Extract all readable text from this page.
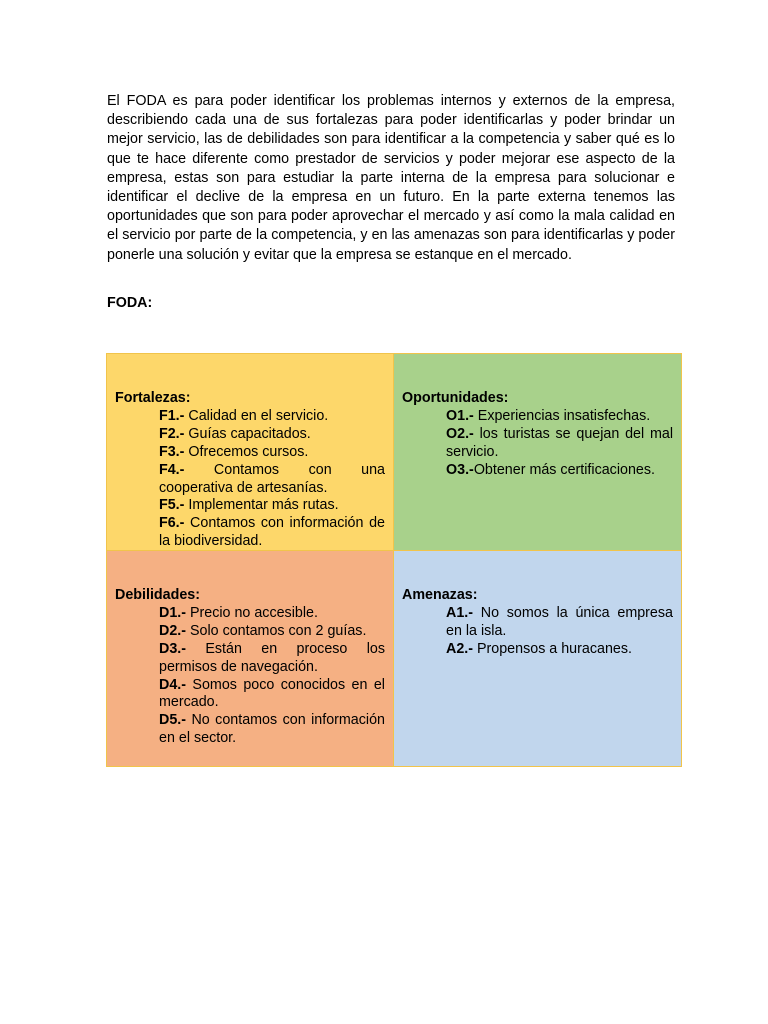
El FODA es para poder identificar los problemas internos y externos de la empresa, describiendo cada una de sus fortalezas para poder identificarlas y poder brindar un mejor servicio, las de debilidades son para identificar a la competencia y saber qué es lo que te hace diferente como prestador de servicios y poder mejorar ese aspecto de la empresa, estas son para estudiar la parte interna de la empresa para solucionar e identificar el declive de la empresa en un futuro. En la parte externa tenemos las oportunidades que son para poder aprovechar el mercado y así como la mala calidad en el servicio por parte de la competencia, y en las amenazas son para identificarlas y poder ponerle una solución y evitar que la empresa se estanque en el mercado.

FODA:

Fortalezas:
F1.- Calidad en el servicio.
F2.- Guías capacitados.
F3.- Ofrecemos cursos.
F4.- Contamos con una cooperativa de artesanías.
F5.- Implementar más rutas.
F6.- Contamos con información de la biodiversidad.
Oportunidades:
O1.- Experiencias insatisfechas.
O2.- los turistas se quejan del mal servicio.
O3.-Obtener más certificaciones.
Debilidades:
D1.- Precio no accesible.
D2.- Solo contamos con 2 guías.
D3.- Están en proceso los permisos de navegación.
D4.- Somos poco conocidos en el mercado.
D5.- No contamos con información en el sector.
Amenazas:
A1.- No somos la única empresa en la isla.
A2.- Propensos a huracanes.
